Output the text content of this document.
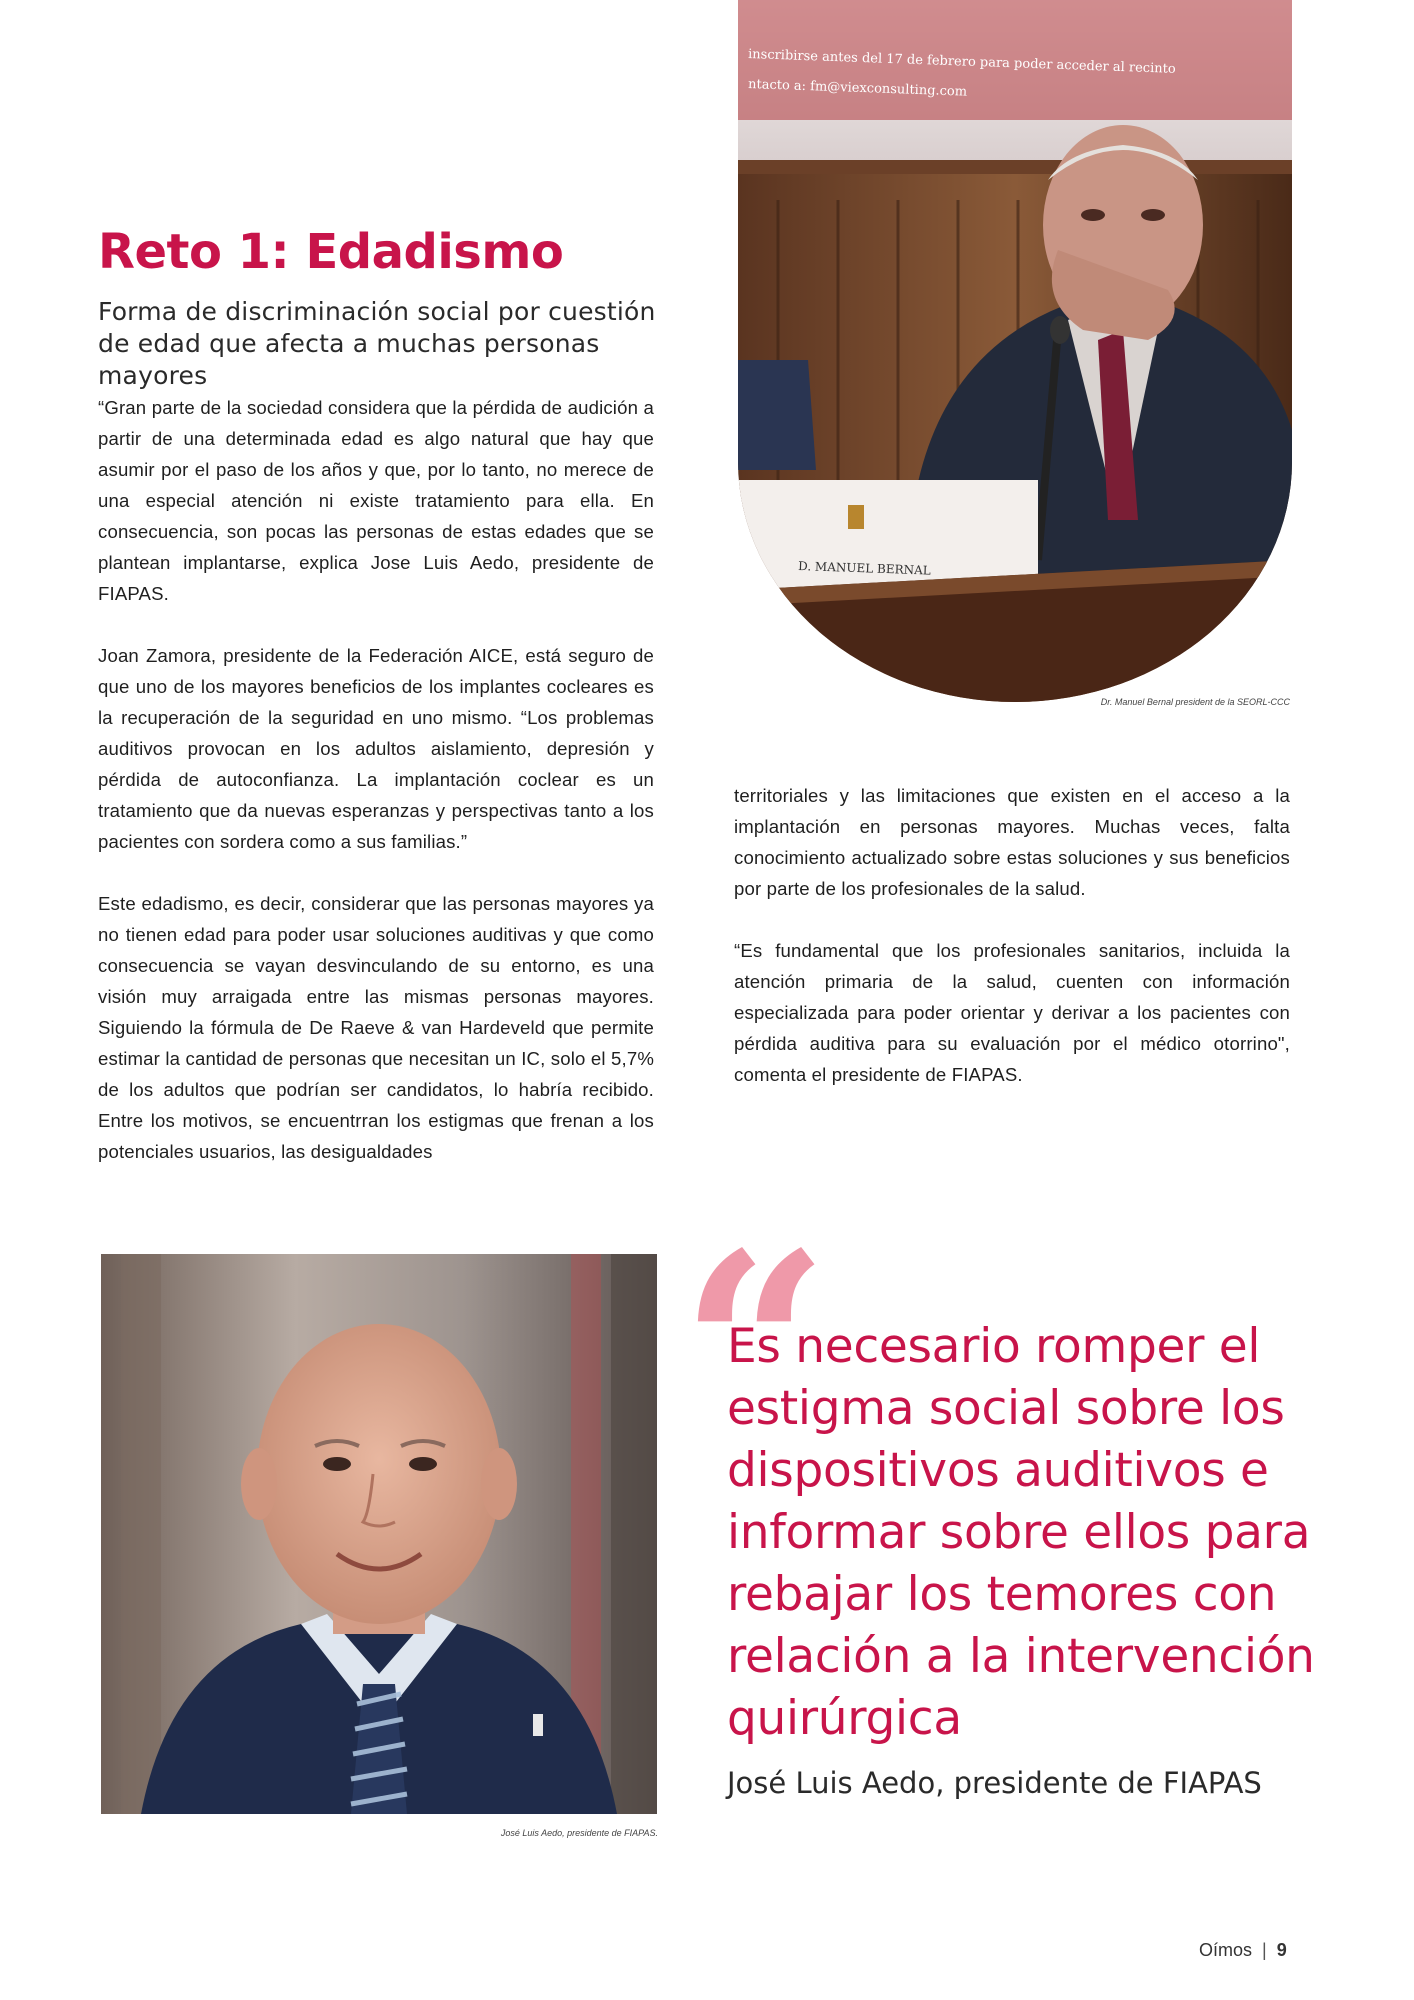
Reto 1: Edadismo

Forma de discriminación social por cuestión de edad que afecta a muchas personas mayores

“Gran parte de la sociedad considera que la pérdida de audición a partir de una determinada edad es algo natural que hay que asumir por el paso de los años y que, por lo tanto, no merece de una especial atención ni existe tratamiento para ella. En consecuencia, son pocas las personas de estas edades que se plantean implantarse, explica Jose Luis Aedo, presidente de FIAPAS.

Joan Zamora, presidente de la Federación AICE, está seguro de que uno de los mayores beneficios de los implantes cocleares es la recuperación de la seguridad en uno mismo. “Los problemas auditivos provocan en los adultos aislamiento, depresión y pérdida de autoconfianza. La implantación coclear es un tratamiento que da nuevas esperanzas y perspectivas tanto a los pacientes con sordera como a sus familias.”

Este edadismo, es decir, considerar que las personas mayores ya no tienen edad para poder usar soluciones auditivas y que como consecuencia se vayan desvinculando de su entorno, es una visión muy arraigada entre las mismas personas mayores. Siguiendo la fórmula de De Raeve & van Hardeveld que permite estimar la cantidad de personas que necesitan un IC, solo el 5,7% de los adultos que podrían ser candidatos, lo habría recibido. Entre los motivos, se encuentrran los estigmas que frenan a los potenciales usuarios, las desigualdades

inscribirse antes del 17 de febrero para poder acceder al recinto
ntacto a: fm@viexconsulting.com
D. MANUEL BERNAL
Dr. Manuel Bernal president de la SEORL-CCC

territoriales y las limitaciones que existen en el acceso a la implantación en personas mayores. Muchas veces, falta conocimiento actualizado sobre estas soluciones y sus beneficios por parte de los profesionales de la salud.

“Es fundamental que los profesionales sanitarios, incluida la atención primaria de la salud, cuenten con información especializada para poder orientar y derivar a los pacientes con pérdida auditiva para su evaluación por el médico otorrino", comenta el presidente de FIAPAS.

José Luis Aedo, presidente de FIAPAS.
“

Es necesario romper el estigma social sobre los dispositivos auditivos e informar sobre ellos para rebajar los temores con relación a la intervención quirúrgica

José Luis Aedo, presidente de FIAPAS

Oímos | 9
